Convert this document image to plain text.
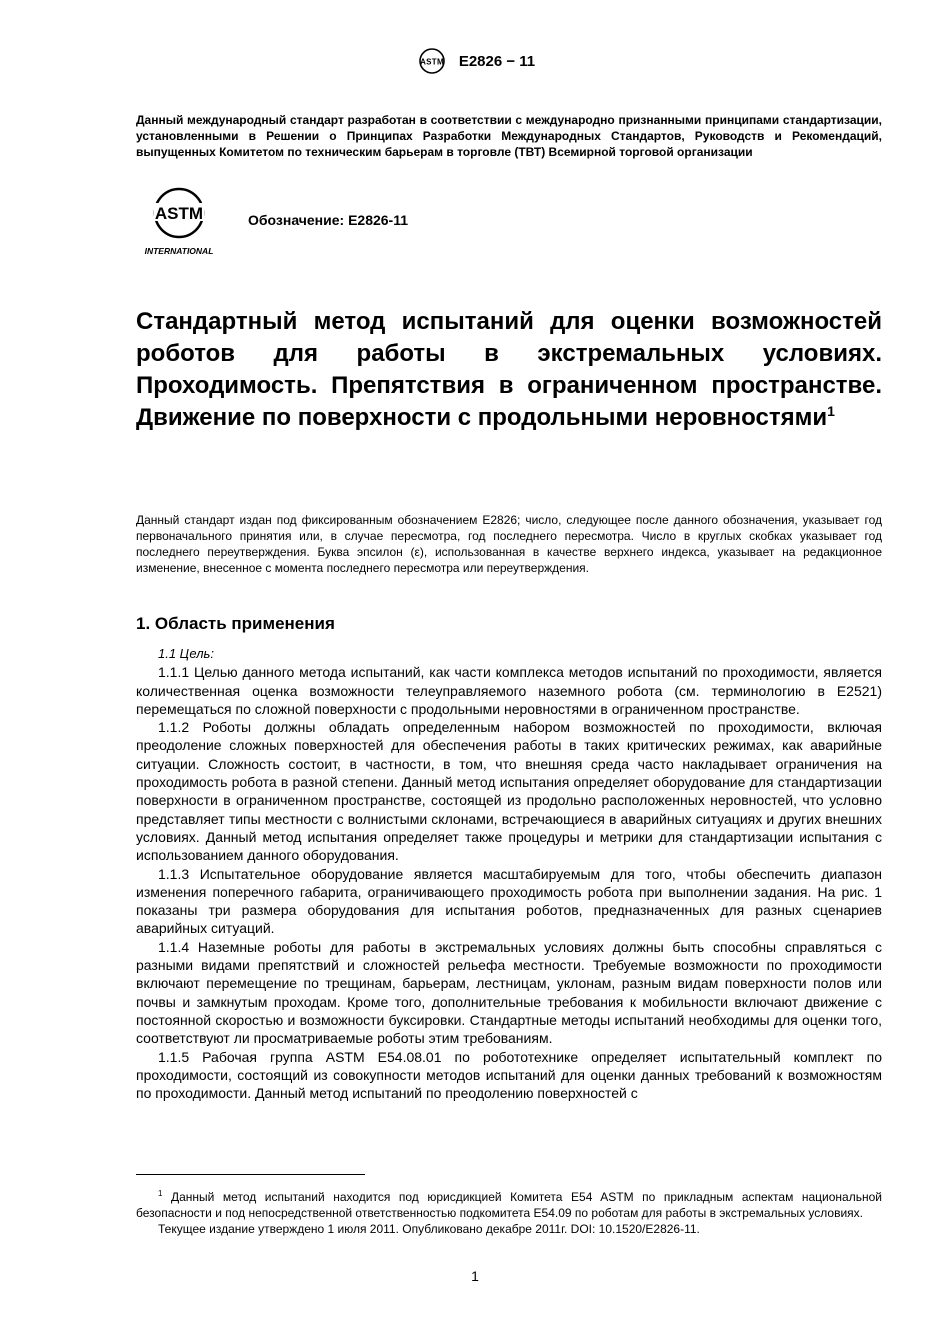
ASTM E2826 − 11
Данный международный стандарт разработан в соответствии с международно признанными принципами стандартизации, установленными в Решении о Принципах Разработки Международных Стандартов, Руководств и Рекомендаций, выпущенных Комитетом по техническим барьерам в торговле (ТВТ) Всемирной торговой организации
ASTM
INTERNATIONAL
Обозначение: E2826-11
Стандартный метод испытаний для оценки возможностей роботов для работы в экстремальных условиях. Проходимость. Препятствия в ограниченном пространстве. Движение по поверхности с продольными неровностями$^1$
Данный стандарт издан под фиксированным обозначением E2826; число, следующее после данного обозначения, указывает год первоначального принятия или, в случае пересмотра, год последнего пересмотра. Число в круглых скобках указывает год последнего переутверждения. Буква эпсилон (ε), использованная в качестве верхнего индекса, указывает на редакционное изменение, внесенное с момента последнего пересмотра или переутверждения.
1. Область применения

1.1 Цель:

1.1.1 Целью данного метода испытаний, как части комплекса методов испытаний по проходимости, является количественная оценка возможности телеуправляемого наземного робота (см. терминологию в E2521) перемещаться по сложной поверхности с продольными неровностями в ограниченном пространстве.

1.1.2 Роботы должны обладать определенным набором возможностей по проходимости, включая преодоление сложных поверхностей для обеспечения работы в таких критических режимах, как аварийные ситуации. Сложность состоит, в частности, в том, что внешняя среда часто накладывает ограничения на проходимость робота в разной степени. Данный метод испытания определяет оборудование для стандартизации поверхности в ограниченном пространстве, состоящей из продольно расположенных неровностей, что условно представляет типы местности с волнистыми склонами, встречающиеся в аварийных ситуациях и других внешних условиях. Данный метод испытания определяет также процедуры и метрики для стандартизации испытания с использованием данного оборудования.

1.1.3 Испытательное оборудование является масштабируемым для того, чтобы обеспечить диапазон изменения поперечного габарита, ограничивающего проходимость робота при выполнении задания. На рис. 1 показаны три размера оборудования для испытания роботов, предназначенных для разных сценариев аварийных ситуаций.

1.1.4 Наземные роботы для работы в экстремальных условиях должны быть способны справляться с разными видами препятствий и сложностей рельефа местности. Требуемые возможности по проходимости включают перемещение по трещинам, барьерам, лестницам, уклонам, разным видам поверхности полов или почвы и замкнутым проходам. Кроме того, дополнительные требования к мобильности включают движение с постоянной скоростью и возможности буксировки. Стандартные методы испытаний необходимы для оценки того, соответствуют ли просматриваемые роботы этим требованиям.

1.1.5 Рабочая группа ASTM E54.08.01 по робототехнике определяет испытательный комплект по проходимости, состоящий из совокупности методов испытаний для оценки данных требований к возможностям по проходимости. Данный метод испытаний по преодолению поверхностей с

$^1$ Данный метод испытаний находится под юрисдикцией Комитета E54 ASTM по прикладным аспектам национальной безопасности и под непосредственной ответственностью подкомитета E54.09 по роботам для работы в экстремальных условиях.

Текущее издание утверждено 1 июля 2011. Опубликовано декабре 2011г. DOI: 10.1520/E2826-11.

1
